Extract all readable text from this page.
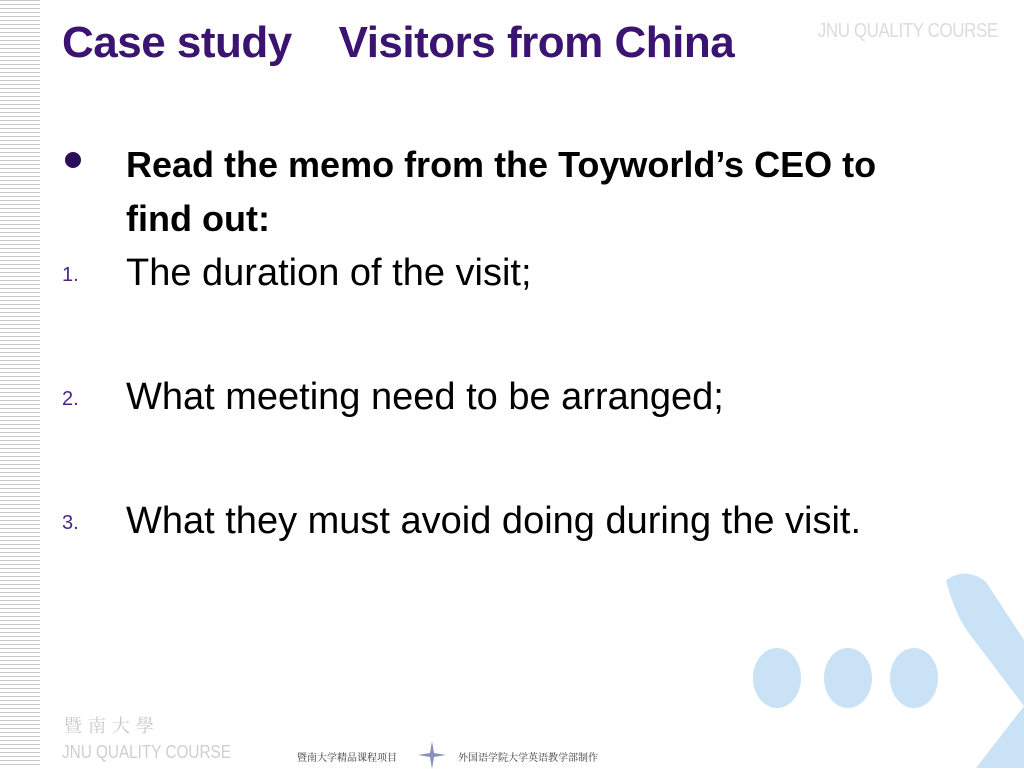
JNU QUALITY COURSE
Case study    Visitors from China
Read the memo from the Toyworld’s CEO to find out:
1. The duration of the visit;
2. What meeting need to be arranged;
3. What they must avoid doing during the visit.
暨南大學
JNU QUALITY COURSE	暨南大学精品课程项目	外国语学院大学英语教学部制作
